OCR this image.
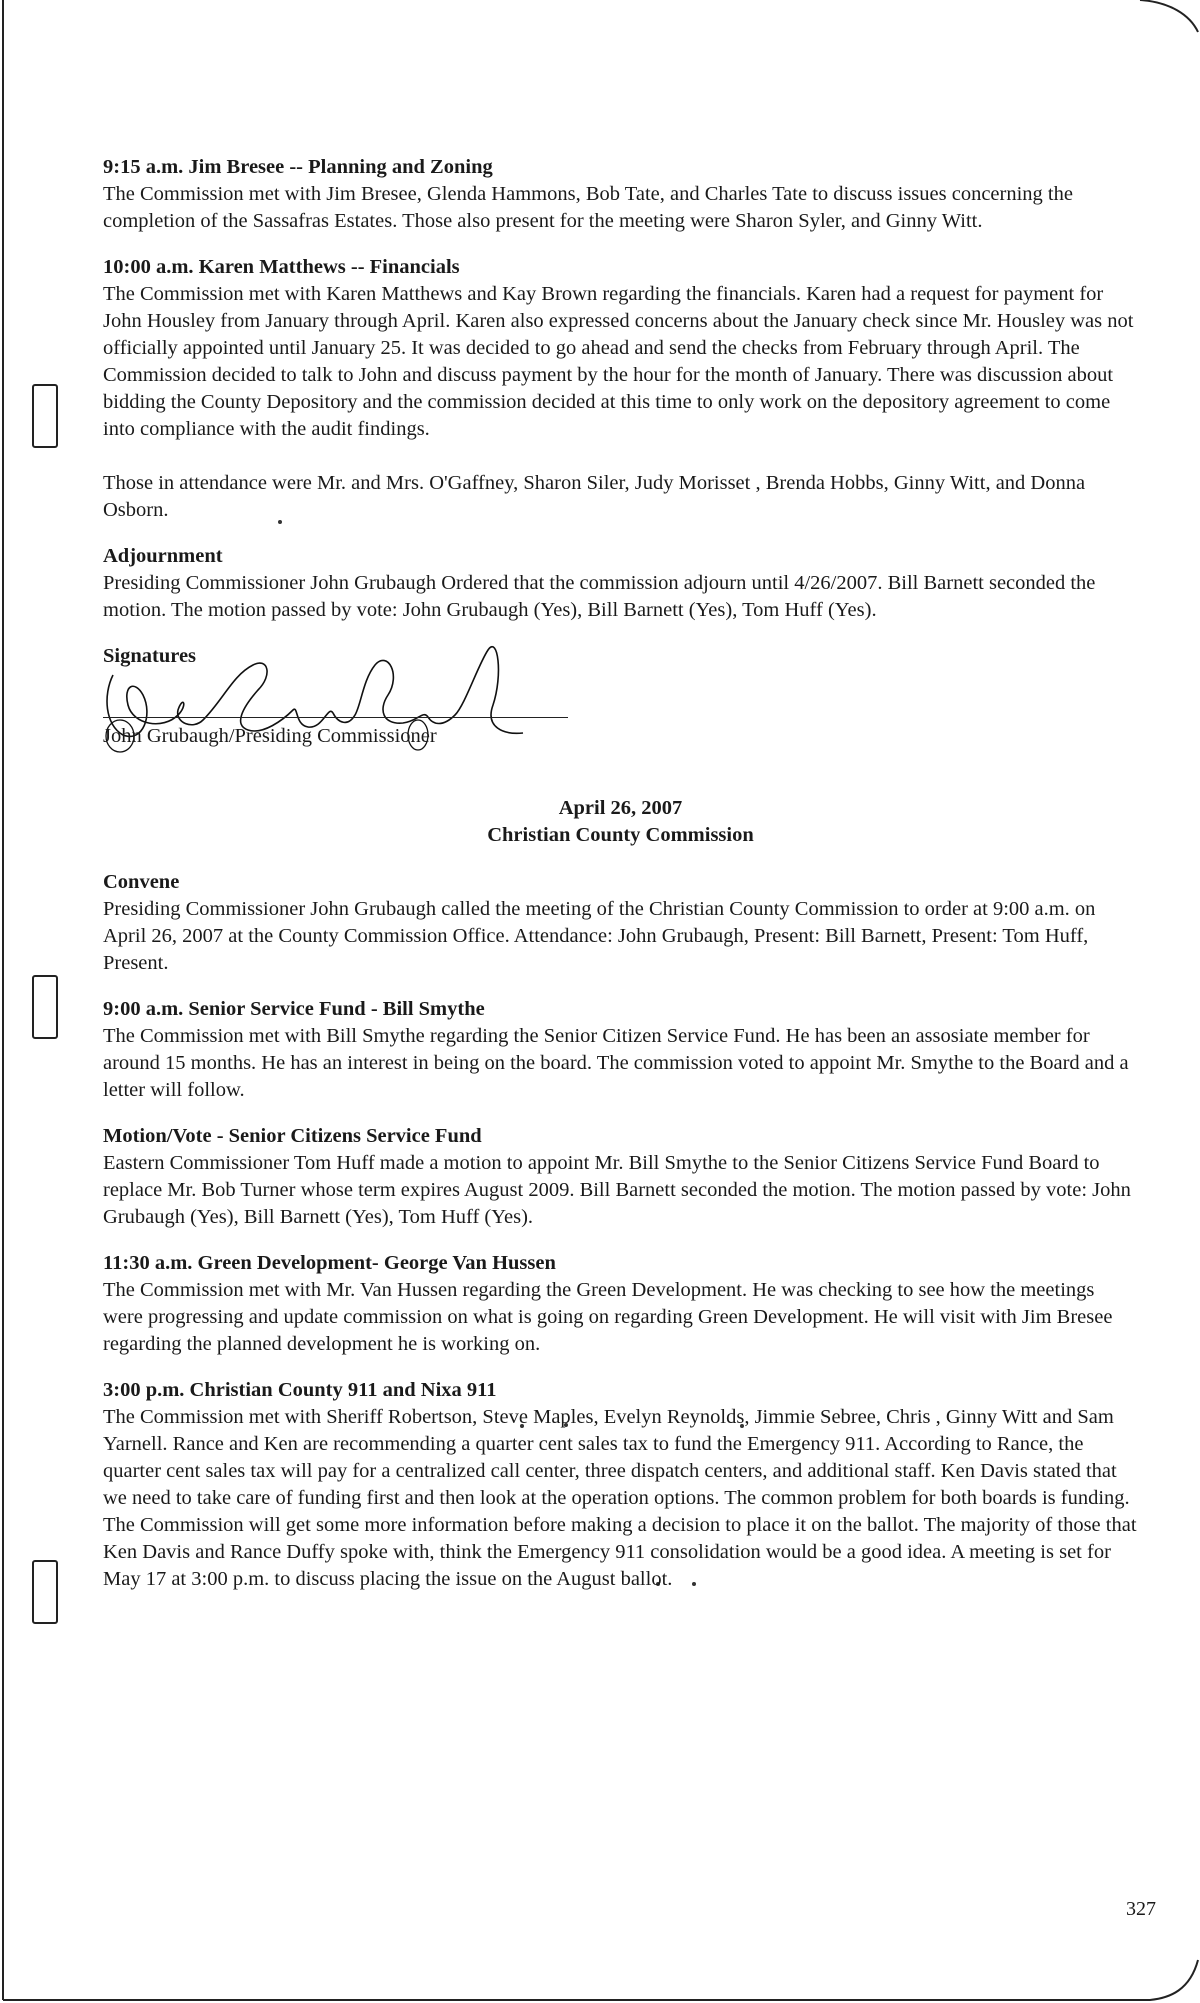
9:15 a.m. Jim Bresee -- Planning and Zoning
The Commission met with Jim Bresee, Glenda Hammons, Bob Tate, and Charles Tate to discuss issues concerning the completion of the Sassafras Estates. Those also present for the meeting were Sharon Syler, and Ginny Witt.
10:00 a.m. Karen Matthews -- Financials
The Commission met with Karen Matthews and Kay Brown regarding the financials. Karen had a request for payment for John Housley from January through April. Karen also expressed concerns about the January check since Mr. Housley was not officially appointed until January 25. It was decided to go ahead and send the checks from February through April. The Commission decided to talk to John and discuss payment by the hour for the month of January. There was discussion about bidding the County Depository and the commission decided at this time to only work on the depository agreement to come into compliance with the audit findings.
Those in attendance were Mr. and Mrs. O'Gaffney, Sharon Siler, Judy Morisset , Brenda Hobbs, Ginny Witt, and Donna Osborn.
Adjournment
Presiding Commissioner John Grubaugh Ordered that the commission adjourn until 4/26/2007. Bill Barnett seconded the motion. The motion passed by vote: John Grubaugh (Yes), Bill Barnett (Yes), Tom Huff (Yes).
Signatures
John Grubaugh/Presiding Commissioner
April 26, 2007
Christian County Commission
Convene
Presiding Commissioner John Grubaugh called the meeting of the Christian County Commission to order at 9:00 a.m. on April 26, 2007 at the County Commission Office. Attendance: John Grubaugh, Present: Bill Barnett, Present: Tom Huff, Present.
9:00 a.m. Senior Service Fund - Bill Smythe
The Commission met with Bill Smythe regarding the Senior Citizen Service Fund. He has been an assosiate member for around 15 months. He has an interest in being on the board. The commission voted to appoint Mr. Smythe to the Board and a letter will follow.
Motion/Vote - Senior Citizens Service Fund
Eastern Commissioner Tom Huff made a motion to appoint Mr. Bill Smythe to the Senior Citizens Service Fund Board to replace Mr. Bob Turner whose term expires August 2009. Bill Barnett seconded the motion. The motion passed by vote: John Grubaugh (Yes), Bill Barnett (Yes), Tom Huff (Yes).
11:30 a.m. Green Development- George Van Hussen
The Commission met with Mr. Van Hussen regarding the Green Development. He was checking to see how the meetings were progressing and update commission on what is going on regarding Green Development. He will visit with Jim Bresee regarding the planned development he is working on.
3:00 p.m. Christian County 911 and Nixa 911
The Commission met with Sheriff Robertson, Steve Maples, Evelyn Reynolds, Jimmie Sebree, Chris , Ginny Witt and Sam Yarnell. Rance and Ken are recommending a quarter cent sales tax to fund the Emergency 911. According to Rance, the quarter cent sales tax will pay for a centralized call center, three dispatch centers, and additional staff. Ken Davis stated that we need to take care of funding first and then look at the operation options. The common problem for both boards is funding. The Commission will get some more information before making a decision to place it on the ballot. The majority of those that Ken Davis and Rance Duffy spoke with, think the Emergency 911 consolidation would be a good idea. A meeting is set for May 17 at 3:00 p.m. to discuss placing the issue on the August ballot.
327
